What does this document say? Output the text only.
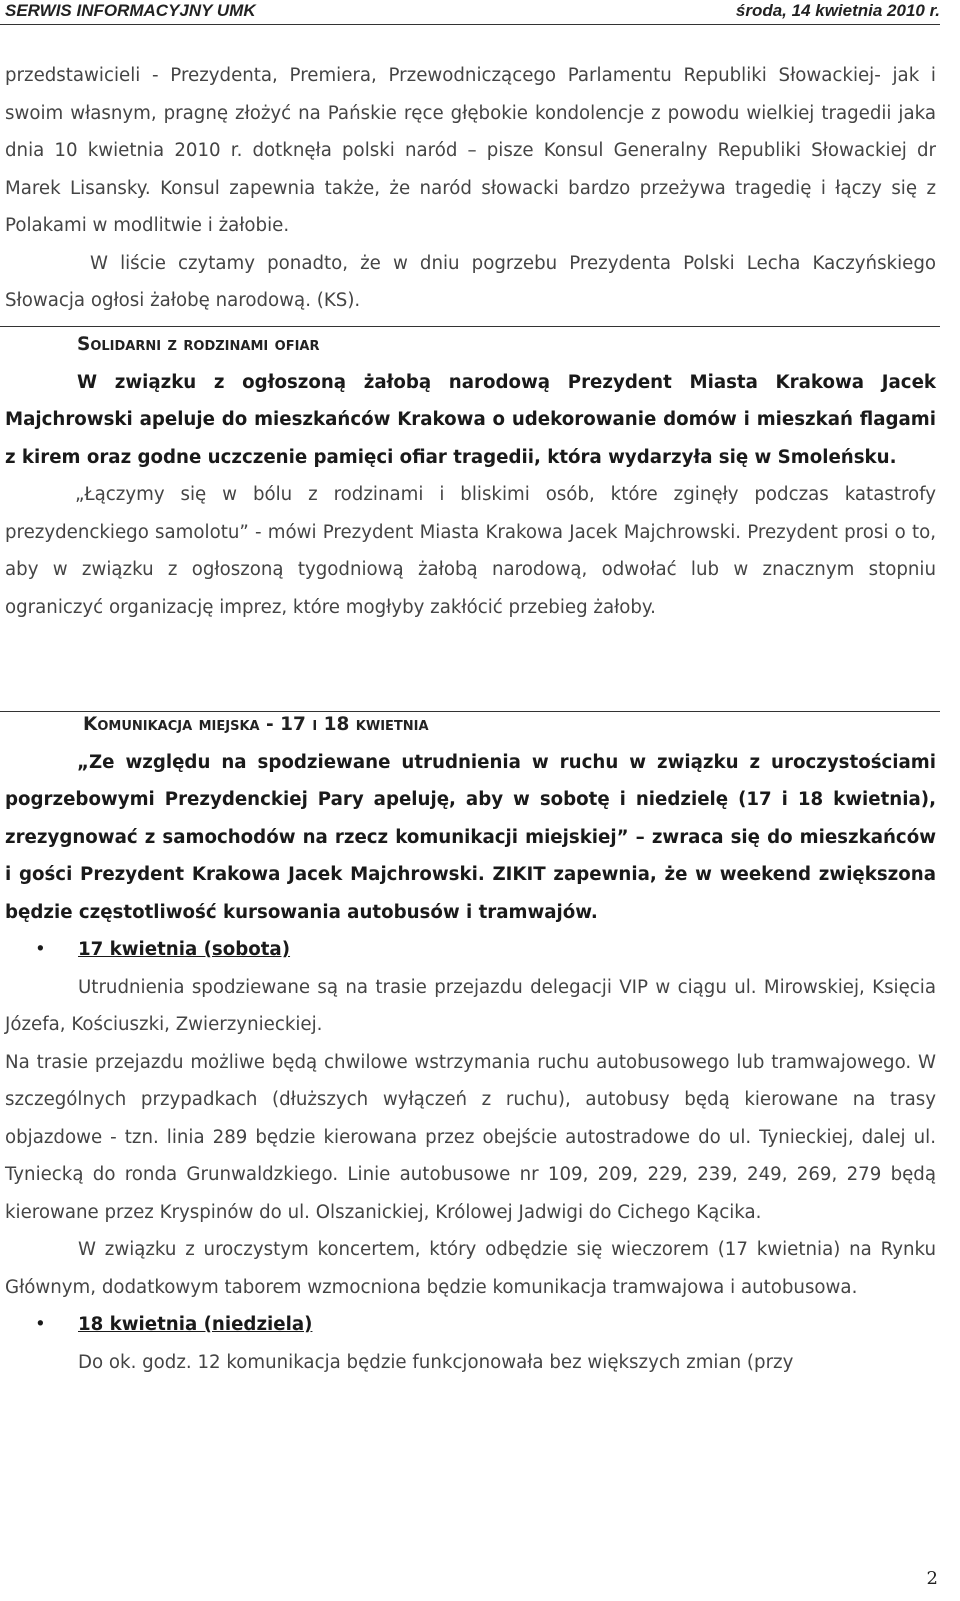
SERWIS INFORMACYJNY UMK	środa, 14 kwietnia 2010 r.

przedstawicieli - Prezydenta, Premiera, Przewodniczącego Parlamentu Republiki Słowackiej- jak i swoim własnym, pragnę złożyć na Pańskie ręce głębokie kondolencje z powodu wielkiej tragedii jaka dnia 10 kwietnia 2010 r. dotknęła polski naród – pisze Konsul Generalny Republiki Słowackiej dr Marek Lisansky. Konsul zapewnia także, że naród słowacki bardzo przeżywa tragedię i łączy się z Polakami w modlitwie i żałobie.

W liście czytamy ponadto, że w dniu pogrzebu Prezydenta Polski Lecha Kaczyńskiego Słowacja ogłosi żałobę narodową. (KS).

Solidarni z rodzinami ofiar

W związku z ogłoszoną żałobą narodową Prezydent Miasta Krakowa Jacek Majchrowski apeluje do mieszkańców Krakowa o udekorowanie domów i mieszkań flagami z kirem oraz godne uczczenie pamięci ofiar tragedii, która wydarzyła się w Smoleńsku.

„Łączymy się w bólu z rodzinami i bliskimi osób, które zginęły podczas katastrofy prezydenckiego samolotu” - mówi Prezydent Miasta Krakowa Jacek Majchrowski. Prezydent prosi o to, aby w związku z ogłoszoną tygodniową żałobą narodową, odwołać lub w znacznym stopniu ograniczyć organizację imprez, które mogłyby zakłócić przebieg żałoby.

Komunikacja miejska - 17 i 18 kwietnia

„Ze względu na spodziewane utrudnienia w ruchu w związku z uroczystościami pogrzebowymi Prezydenckiej Pary apeluję, aby w sobotę i niedzielę (17 i 18 kwietnia), zrezygnować z samochodów na rzecz komunikacji miejskiej” – zwraca się do mieszkańców i gości Prezydent Krakowa Jacek Majchrowski. ZIKIT zapewnia, że w weekend zwiększona będzie częstotliwość kursowania autobusów i tramwajów.

• 17 kwietnia (sobota)

Utrudnienia spodziewane są na trasie przejazdu delegacji VIP w ciągu ul. Mirowskiej, Księcia Józefa, Kościuszki, Zwierzynieckiej.

Na trasie przejazdu możliwe będą chwilowe wstrzymania ruchu autobusowego lub tramwajowego. W szczególnych przypadkach (dłuższych wyłączeń z ruchu), autobusy będą kierowane na trasy objazdowe - tzn. linia 289 będzie kierowana przez obejście autostradowe do ul. Tynieckiej, dalej ul. Tyniecką do ronda Grunwaldzkiego. Linie autobusowe nr 109, 209, 229, 239, 249, 269, 279 będą kierowane przez Kryspinów do ul. Olszanickiej, Królowej Jadwigi do Cichego Kącika.

W związku z uroczystym koncertem, który odbędzie się wieczorem (17 kwietnia) na Rynku Głównym, dodatkowym taborem wzmocniona będzie komunikacja tramwajowa i autobusowa.

• 18 kwietnia (niedziela)

Do ok. godz. 12 komunikacja będzie funkcjonowała bez większych zmian (przy

2
